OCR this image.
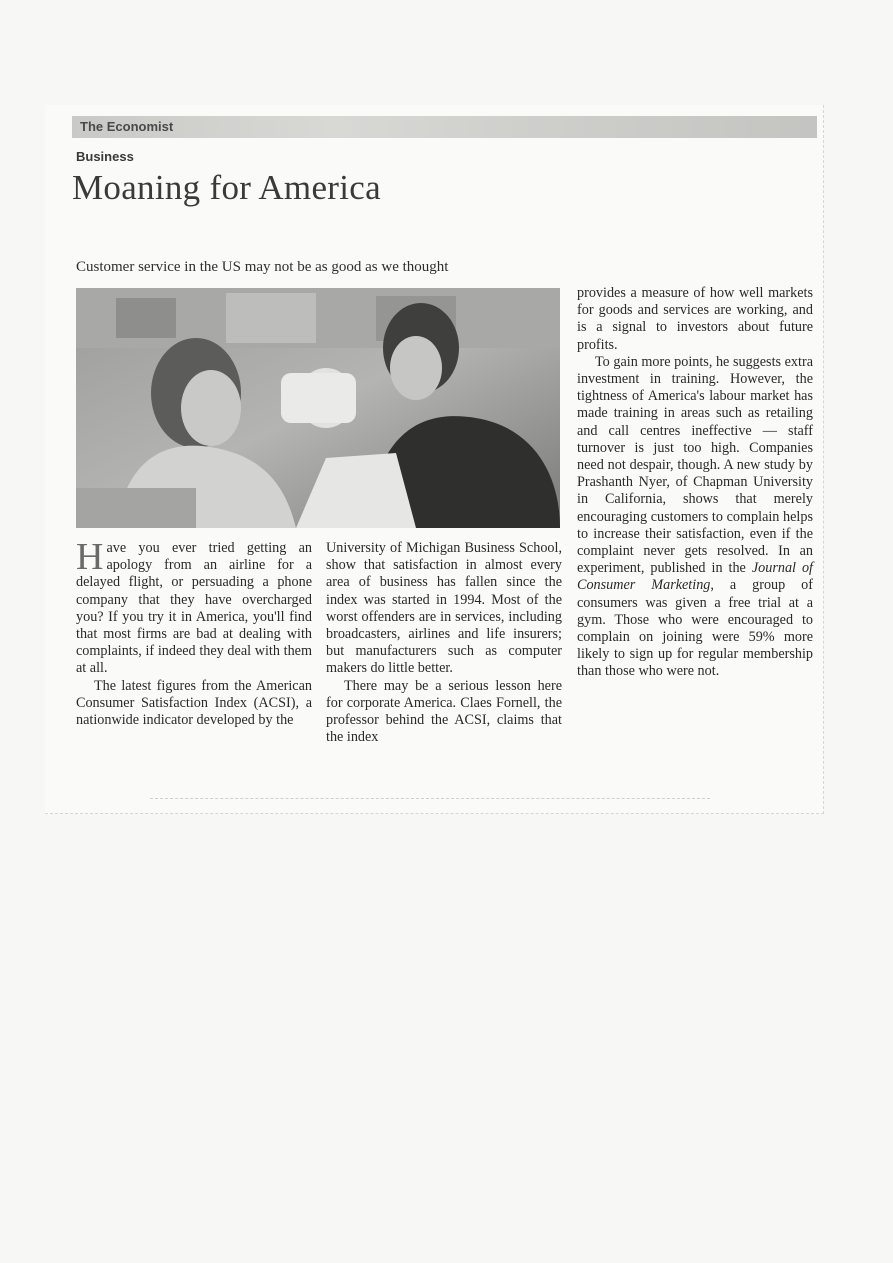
The Economist
Business
Moaning for America
Customer service in the US may not be as good as we thought

Have you ever tried getting an apology from an airline for a delayed flight, or persuading a phone company that they have overcharged you? If you try it in America, you'll find that most firms are bad at dealing with complaints, if indeed they deal with them at all.

The latest figures from the American Consumer Satisfaction Index (ACSI), a nationwide indicator developed by the

University of Michigan Business School, show that satisfaction in almost every area of business has fallen since the index was started in 1994. Most of the worst offenders are in services, including broadcasters, airlines and life insurers; but manufacturers such as computer makers do little better.

There may be a serious lesson here for corporate America. Claes Fornell, the professor behind the ACSI, claims that the index

provides a measure of how well markets for goods and services are working, and is a signal to investors about future profits.

To gain more points, he suggests extra investment in training. However, the tightness of America's labour market has made training in areas such as retailing and call centres ineffective — staff turnover is just too high. Companies need not despair, though. A new study by Prashanth Nyer, of Chapman University in California, shows that merely encouraging customers to complain helps to increase their satisfaction, even if the complaint never gets resolved. In an experiment, published in the Journal of Consumer Marketing, a group of consumers was given a free trial at a gym. Those who were encouraged to complain on joining were 59% more likely to sign up for regular membership than those who were not.
